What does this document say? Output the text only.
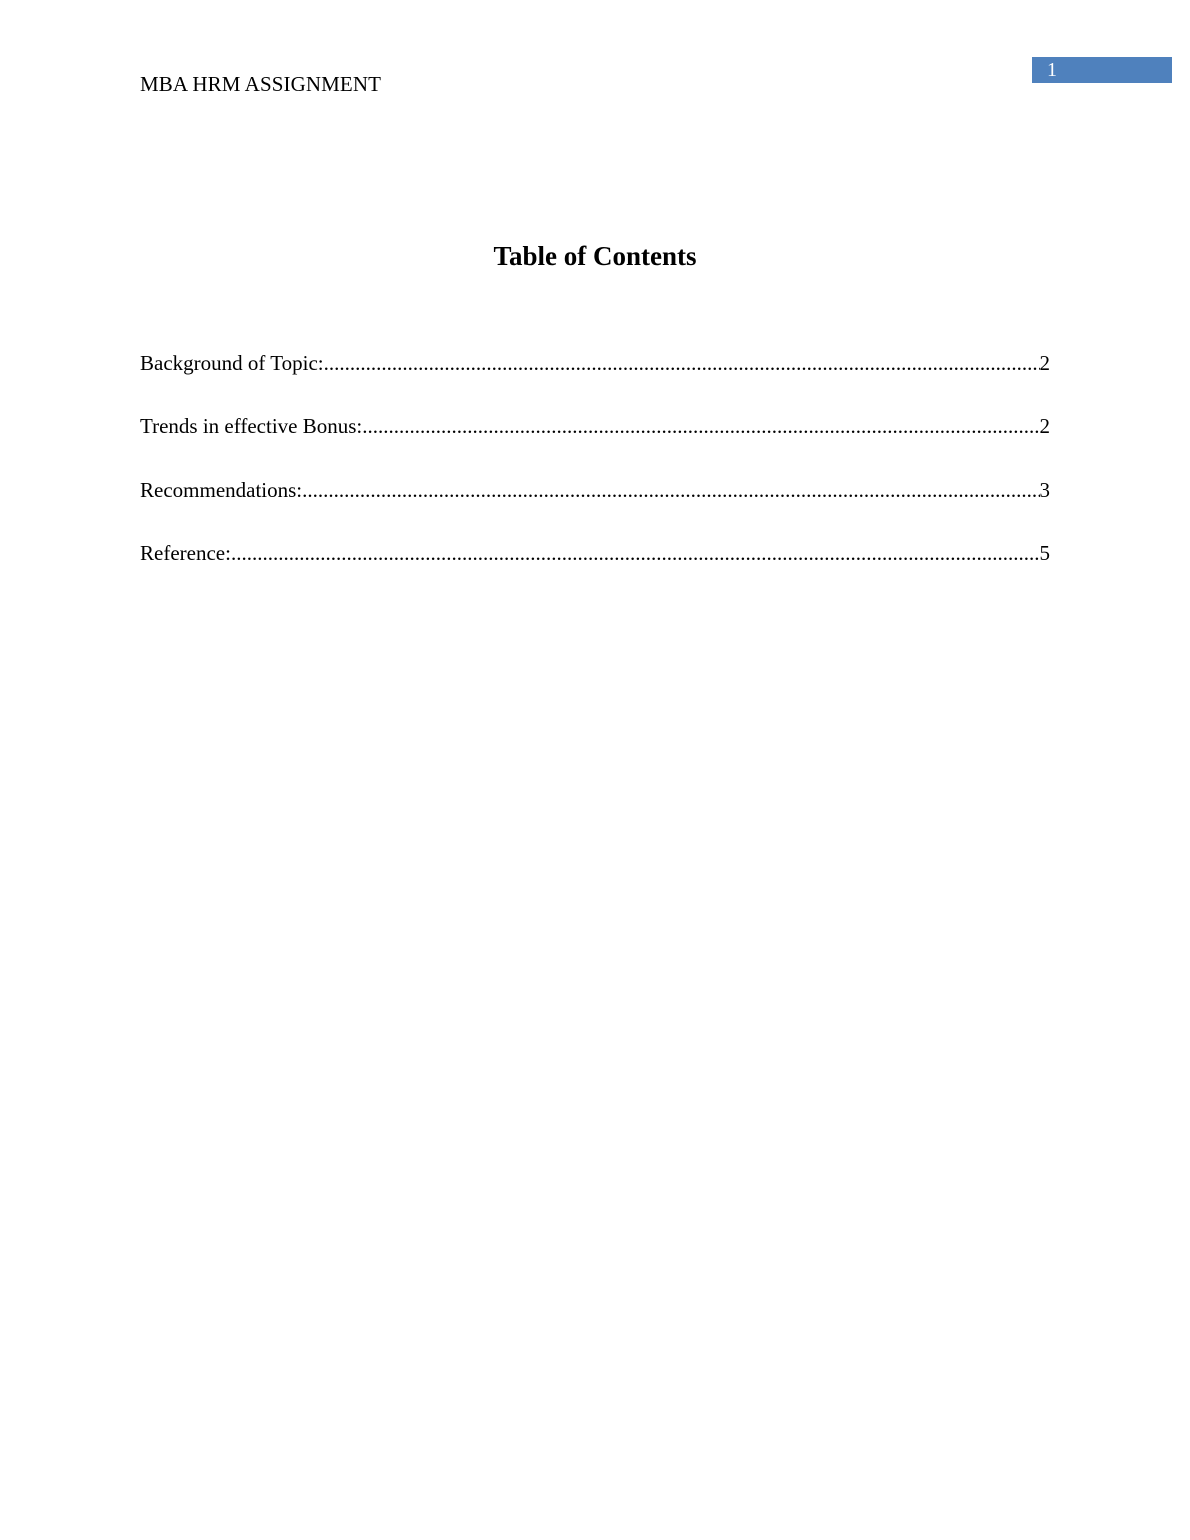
MBA HRM ASSIGNMENT
1
Table of Contents
Background of Topic: .....	2
Trends in effective Bonus: .....	2
Recommendations: .....	3
Reference: .....	5
